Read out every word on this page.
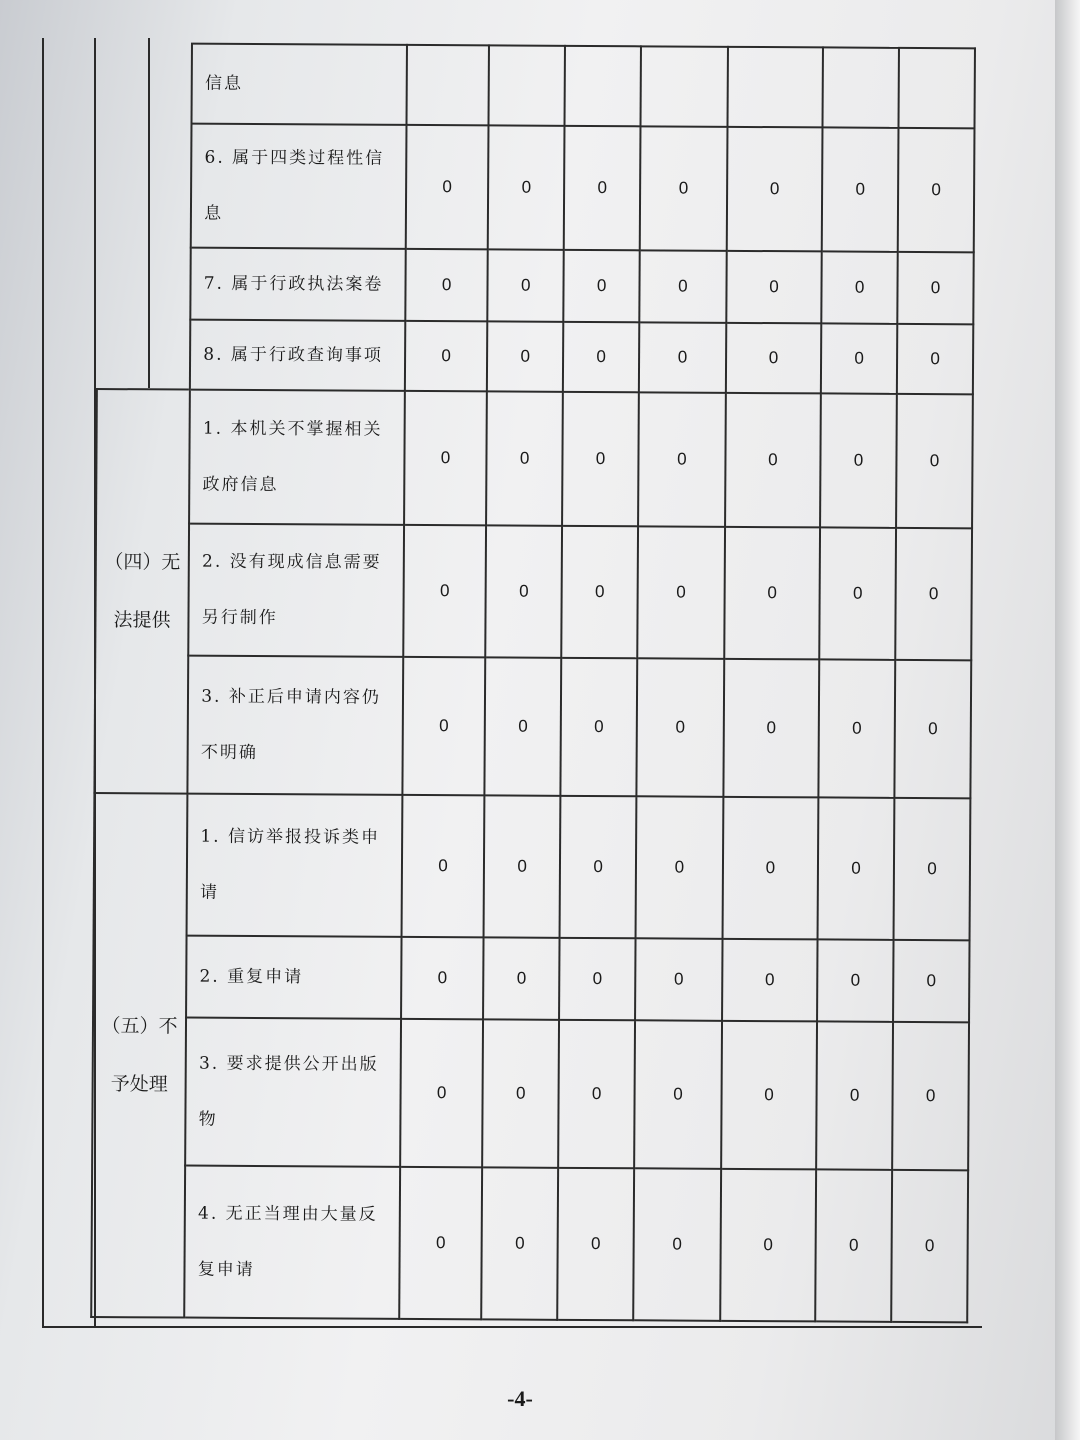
	信息							
	6. 属于四类过程性信息	0	0	0	0	0	0	0
	7. 属于行政执法案卷	0	0	0	0	0	0	0
	8. 属于行政查询事项	0	0	0	0	0	0	0
（四）无法提供	1. 本机关不掌握相关政府信息	0	0	0	0	0	0	0
	2. 没有现成信息需要另行制作	0	0	0	0	0	0	0
	3. 补正后申请内容仍不明确	0	0	0	0	0	0	0
（五）不予处理	1. 信访举报投诉类申请	0	0	0	0	0	0	0
	2. 重复申请	0	0	0	0	0	0	0
	3. 要求提供公开出版物	0	0	0	0	0	0	0
	4. 无正当理由大量反复申请	0	0	0	0	0	0	0
-4-
